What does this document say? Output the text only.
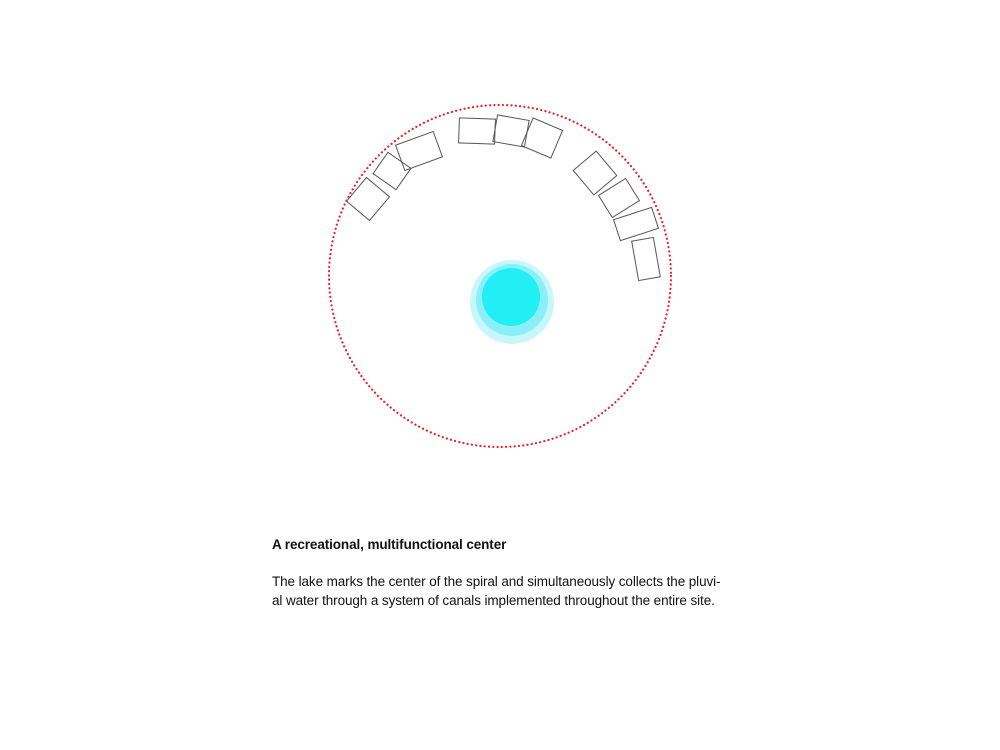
A recreational, multifunctional center

The lake marks the center of the spiral and simultaneously collects the pluvi-
al water through a system of canals implemented throughout the entire site.
